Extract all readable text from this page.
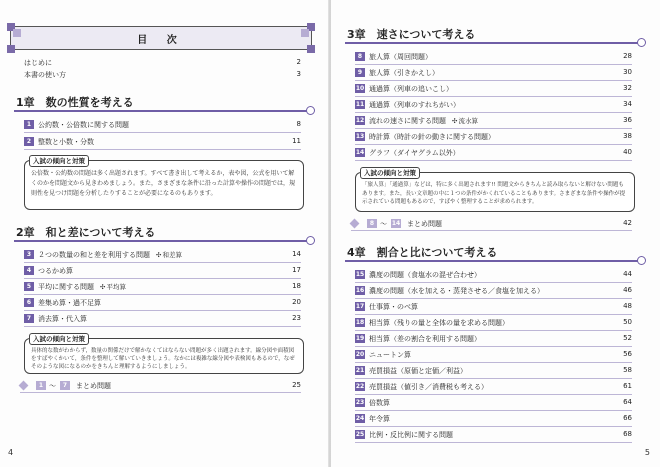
目 次
はじめに	2
本書の使い方	3
1章　数の性質を考える
1 公約数・公倍数に関する問題	8
2 整数と小数・分数	11
入試の傾向と対策
公倍数・公約数の問題は多く出題されます。すべて書き出して考えるか，表や図，公式を用いて解くのかを問題文から見きわめましょう。また，さまざまな条件に沿った計算や操作の問題では，規則性を見つけ問題を分析したりすることが必要になるのもあります。
2章　和と差について考える
3 ２つの数量の和と差を利用する問題 ✣ 和差算	14
4 つるかめ算	17
5 平均に関する問題 ✣ 平均算	18
6 差集め算・過不足算	20
7 消去算・代入算	23
入試の傾向と対策
具体的な数がわからず，数量の関係だけで解かなくてはならない問題が多く出題されます。線分図や面積図をすばやくかいて，条件を整理して解いていきましょう。なかには複雑な線分図や表検図もあるので，なぜそのような図になるのかをきちんと理解するようにしましょう。
1 〜	7	まとめ問題	25
4
3章　速さについて考える
8 旅人算（周回問題）	28
9 旅人算（引きかえし）	30
10 通過算（列車の追いこし）	32
11 通過算（列車のすれちがい）	34
12 流れの速さに関する問題 ✣ 流水算	36
13 時計算（時計の針の動きに関する問題）	38
14 グラフ（ダイヤグラム以外）	40
入試の傾向と対策
「旅人算」「通過算」などは，特に多く出題されます!! 問題文からきちんと読み取らないと解けない問題もあります。また，長い文章題の中に１つの条件がかくれていることもあります。さまざまな条件や操作が提示されている問題もあるので，すばやく整理することが求められます。
8 〜 14 まとめ問題	42
4章　割合と比について考える
15 濃度の問題（食塩水の混ぜ合わせ）	44
16 濃度の問題（水を加える・蒸発させる／食塩を加える）	46
17 仕事算・のべ算	48
18 相当算（残りの量と全体の量を求める問題）	50
19 相当算（差の割合を利用する問題）	52
20 ニュートン算	56
21 売買損益（原価と定価／利益）	58
22 売買損益（値引き／消費税も考える）	61
23 倍数算	64
24 年令算	66
25 比例・反比例に関する問題	68
5
